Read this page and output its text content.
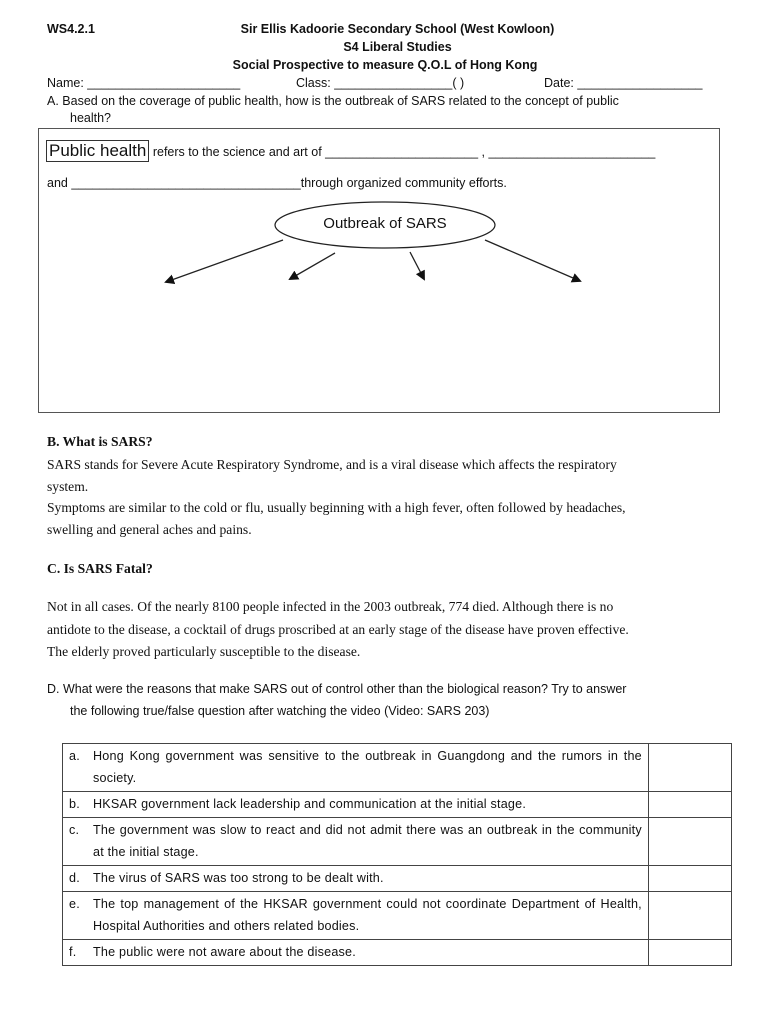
WS4.2.1	Sir Ellis Kadoorie Secondary School (West Kowloon)
S4 Liberal Studies
Social Prospective to measure Q.O.L of Hong Kong
Name: ______________________	Class: _________________( )	Date: __________________
A. Based on the coverage of public health, how is the outbreak of SARS related to the concept of public
health?
Public health refers to the science and art of ______________________ , ________________________
and _________________________________through organized community efforts.
Outbreak of SARS
B. What is SARS?
SARS stands for Severe Acute Respiratory Syndrome, and is a viral disease which affects the respiratory
system.
Symptoms are similar to the cold or flu, usually beginning with a high fever, often followed by headaches,
swelling and general aches and pains.
C. Is SARS Fatal?
Not in all cases. Of the nearly 8100 people infected in the 2003 outbreak, 774 died. Although there is no
antidote to the disease, a cocktail of drugs proscribed at an early stage of the disease have proven effective.
The elderly proved particularly susceptible to the disease.
D. What were the reasons that make SARS out of control other than the biological reason? Try to answer
the following true/false question after watching the video (Video: SARS 203)
a. Hong Kong government was sensitive to the outbreak in Guangdong and the rumors in the society.	

b. HKSAR government lack leadership and communication at the initial stage.	

c. The government was slow to react and did not admit there was an outbreak in the community at the initial stage.	

d. The virus of SARS was too strong to be dealt with.	

e. The top management of the HKSAR government could not coordinate Department of Health, Hospital Authorities and others related bodies.	

f. The public were not aware about the disease.	
